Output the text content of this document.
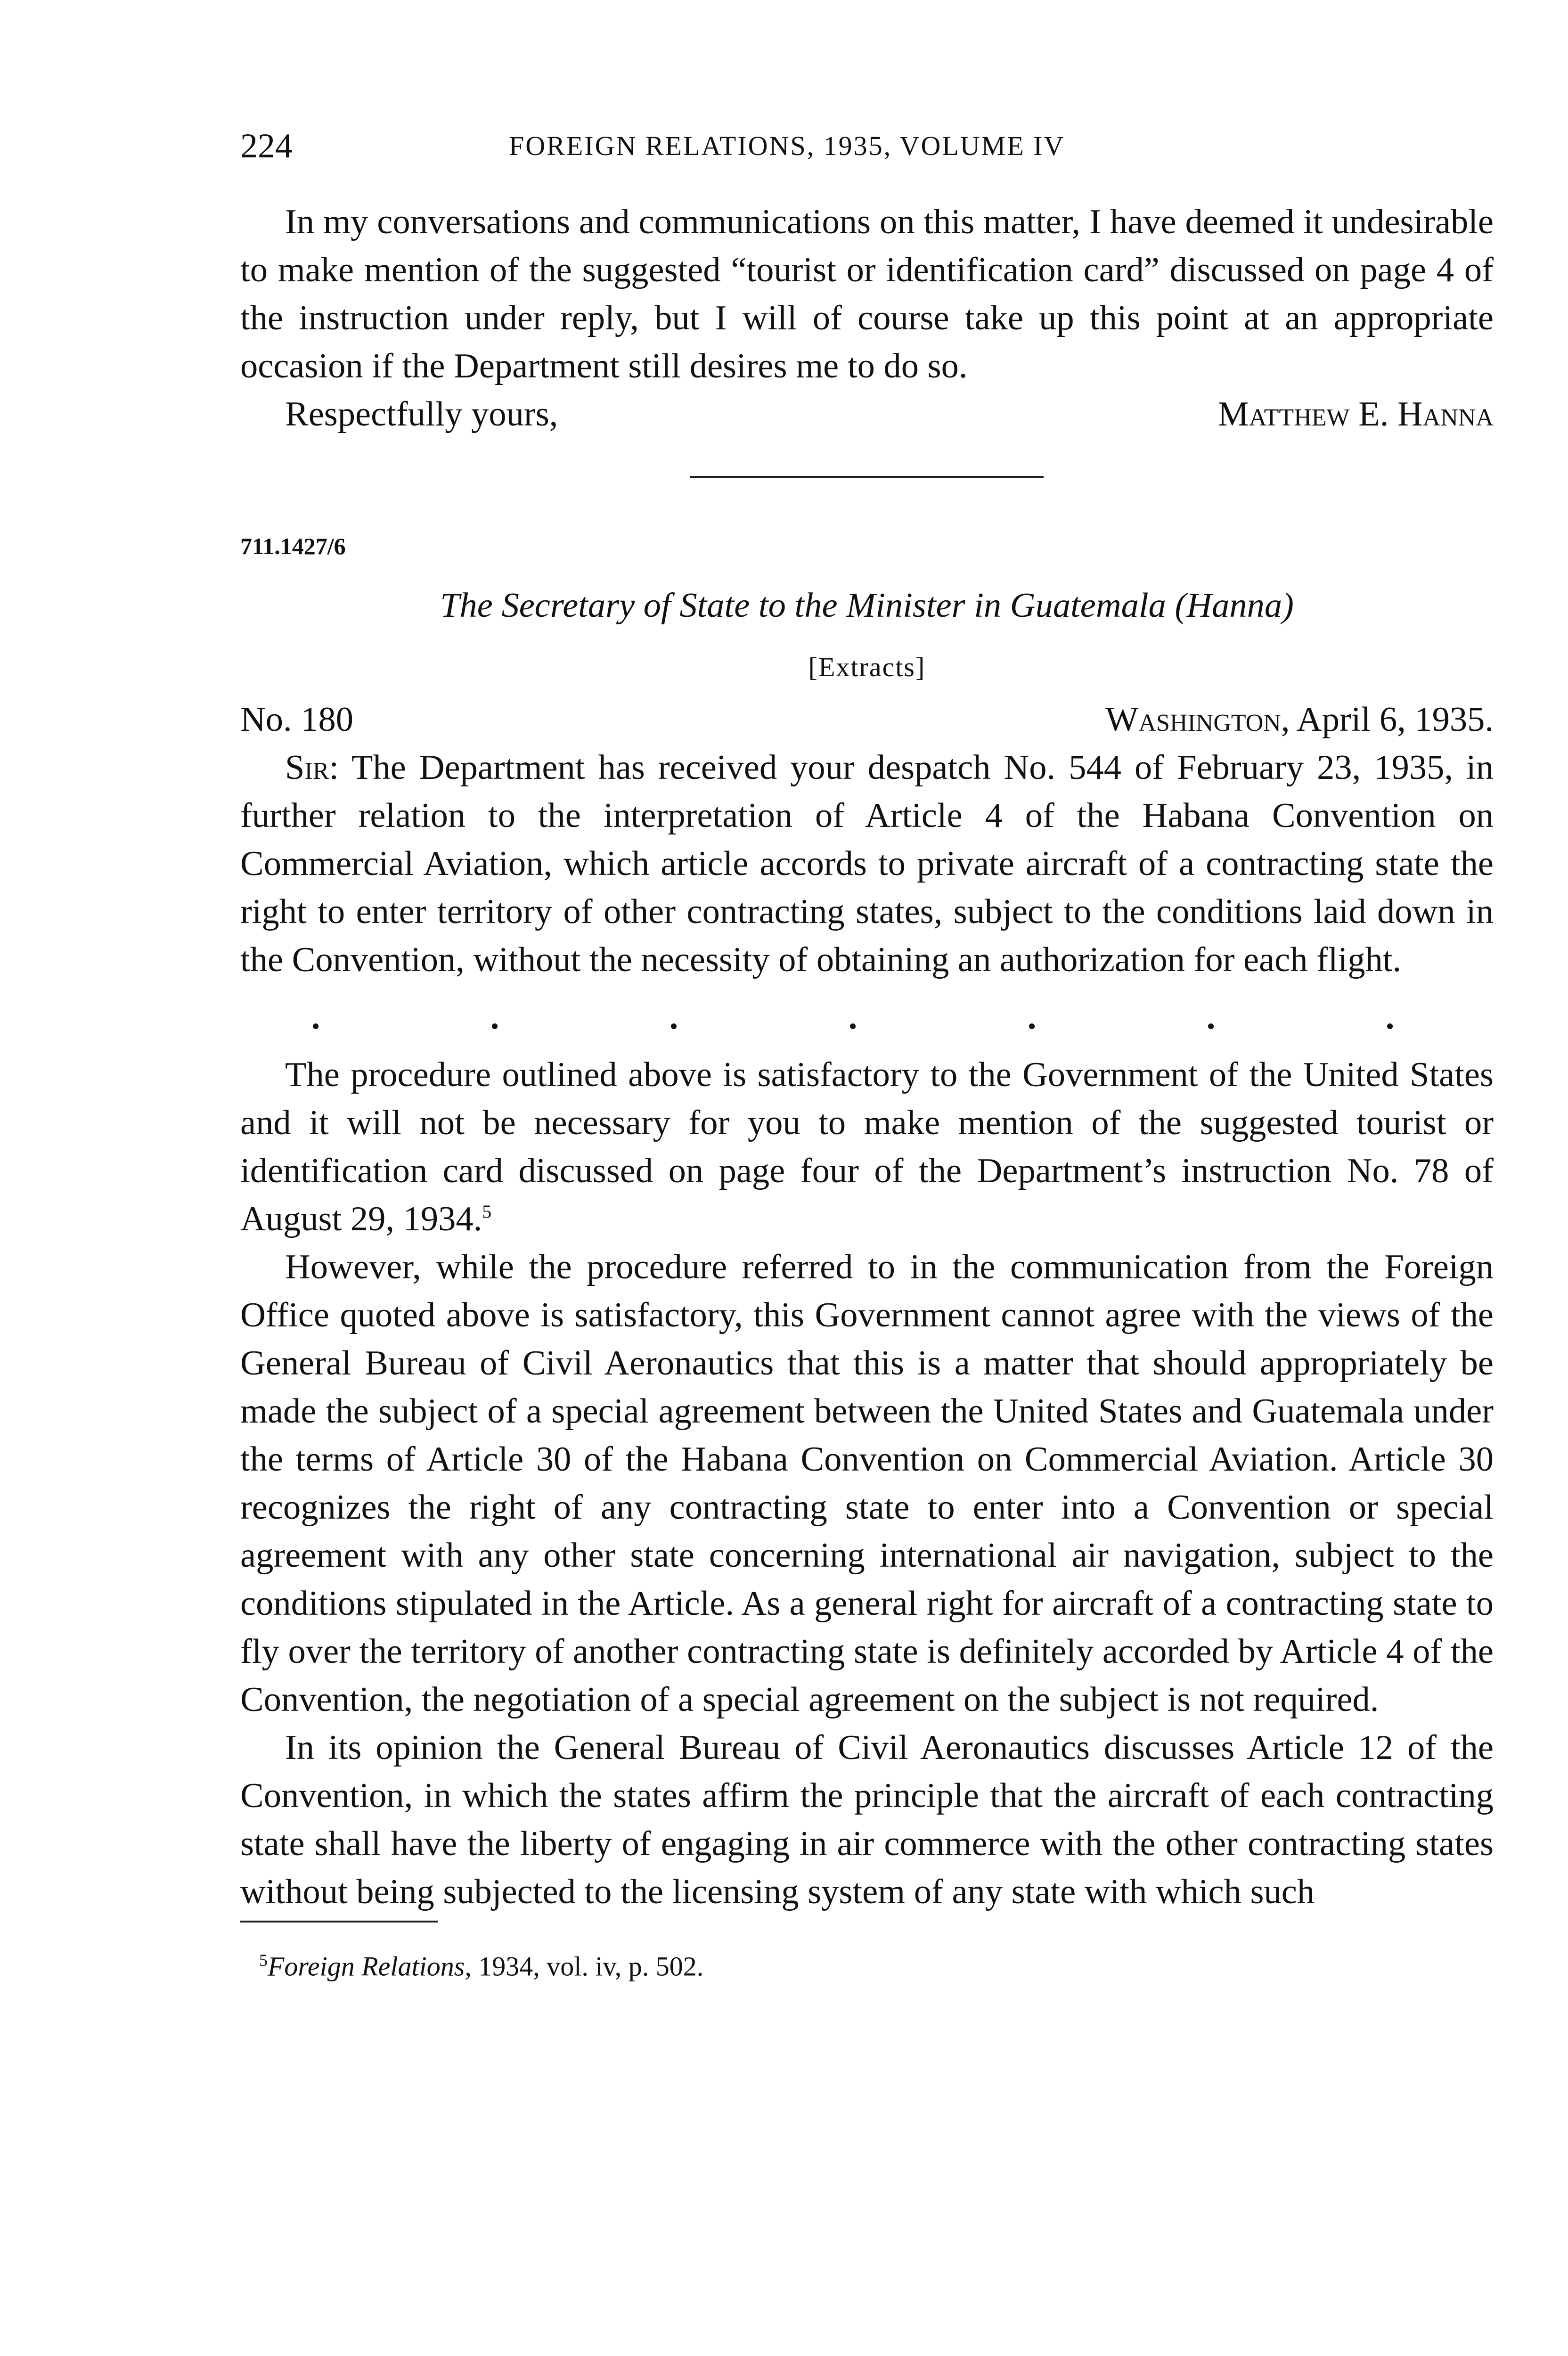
224	FOREIGN RELATIONS, 1935, VOLUME IV

In my conversations and communications on this matter, I have deemed it undesirable to make mention of the suggested “tourist or identification card” discussed on page 4 of the instruction under reply, but I will of course take up this point at an appropriate occasion if the Department still desires me to do so.

Respectfully yours,	Matthew E. Hanna
711.1427/6
The Secretary of State to the Minister in Guatemala (Hanna)
[Extracts]
No. 180	Washington, April 6, 1935.

Sir: The Department has received your despatch No. 544 of February 23, 1935, in further relation to the interpretation of Article 4 of the Habana Convention on Commercial Aviation, which article accords to private aircraft of a contracting state the right to enter territory of other contracting states, subject to the conditions laid down in the Convention, without the necessity of obtaining an authorization for each flight.

.	.	.	.	.	.	.

The procedure outlined above is satisfactory to the Government of the United States and it will not be necessary for you to make mention of the suggested tourist or identification card discussed on page four of the Department’s instruction No. 78 of August 29, 1934.$^5$

However, while the procedure referred to in the communication from the Foreign Office quoted above is satisfactory, this Government cannot agree with the views of the General Bureau of Civil Aeronautics that this is a matter that should appropriately be made the subject of a special agreement between the United States and Guatemala under the terms of Article 30 of the Habana Convention on Commercial Aviation. Article 30 recognizes the right of any contracting state to enter into a Convention or special agreement with any other state concerning international air navigation, subject to the conditions stipulated in the Article. As a general right for aircraft of a contracting state to fly over the territory of another contracting state is definitely accorded by Article 4 of the Convention, the negotiation of a special agreement on the subject is not required.

In its opinion the General Bureau of Civil Aeronautics discusses Article 12 of the Convention, in which the states affirm the principle that the aircraft of each contracting state shall have the liberty of engaging in air commerce with the other contracting states without being subjected to the licensing system of any state with which such

$^5$Foreign Relations, 1934, vol. iv, p. 502.
